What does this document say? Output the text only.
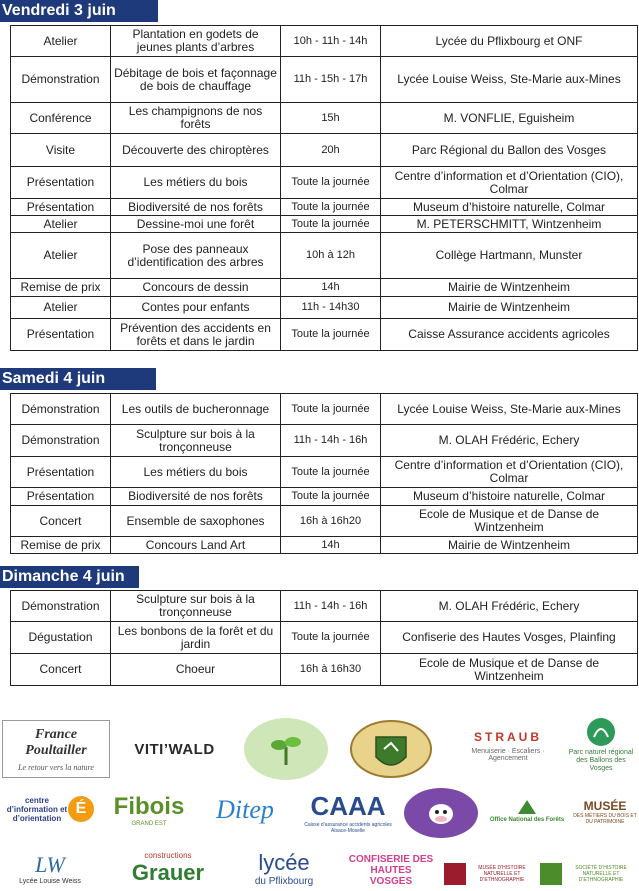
Vendredi 3 juin
Samedi 4 juin
Dimanche 4 juin
Atelier	Plantation en godets de jeunes plants d’arbres	10h - 11h - 14h	Lycée du Pflixbourg et ONF
Démonstration	Débitage de bois et façonnage de bois de chauffage	11h - 15h - 17h	Lycée Louise Weiss, Ste-Marie aux-Mines
Conférence	Les champignons de nos forêts	15h	M. VONFLIE, Eguisheim
Visite	Découverte des chiroptères	20h	Parc Régional du Ballon des Vosges
Présentation	Les métiers du bois	Toute la journée	Centre d’information et d’Orientation (CIO), Colmar
Présentation	Biodiversité de nos forêts	Toute la journée	Museum d’histoire naturelle, Colmar
Atelier	Dessine-moi une forêt	Toute la journée	M. PETERSCHMITT, Wintzenheim
Atelier	Pose des panneaux d’identification des arbres	10h à 12h	Collège Hartmann, Munster
Remise de prix	Concours de dessin	14h	Mairie de Wintzenheim
Atelier	Contes pour enfants	11h - 14h30	Mairie de Wintzenheim
Présentation	Prévention des accidents en forêts et dans le jardin	Toute la journée	Caisse Assurance accidents agricoles
Démonstration	Les outils de bucheronnage	Toute la journée	Lycée Louise Weiss, Ste-Marie aux-Mines
Démonstration	Sculpture sur bois à la tronçonneuse	11h - 14h - 16h	M. OLAH Frédéric, Echery
Présentation	Les métiers du bois	Toute la journée	Centre d’information et d’Orientation (CIO), Colmar
Présentation	Biodiversité de nos forêts	Toute la journée	Museum d’histoire naturelle, Colmar
Concert	Ensemble de saxophones	16h à 16h20	Ecole de Musique et de Danse de Wintzenheim
Remise de prix	Concours Land Art	14h	Mairie de Wintzenheim
Démonstration	Sculpture sur bois à la tronçonneuse	11h - 14h - 16h	M. OLAH Frédéric, Echery
Dégustation	Les bonbons de la forêt et du jardin	Toute la journée	Confiserie des Hautes Vosges, Plainfing
Concert	Choeur	16h à 16h30	Ecole de Musique et de Danse de Wintzenheim
France Poultailler
Le retour vers la nature
VITI’WALD
STRAUB
Menuiserie · Escaliers · Agencement
Parc naturel régional des Ballons des Vosges
centre d’information et d’orientation
É	Fibois
GRAND EST Ditep CAAA
Caisse d’assurance accidents agricoles Alsace-Moselle
Office National des Forêts
MUSÉE
DES MÉTIERS DU BOIS ET DU PATRIMOINE
LW
Lycée Louise Weiss
constructions
Grauer lycée
du Pflixbourg
CONFISERIE DES HAUTES VOSGES
MUSÉE D’HISTOIRE NATURELLE ET D’ETHNOGRAPHIE
SOCIÉTÉ D’HISTOIRE NATURELLE ET D’ETHNOGRAPHIE
